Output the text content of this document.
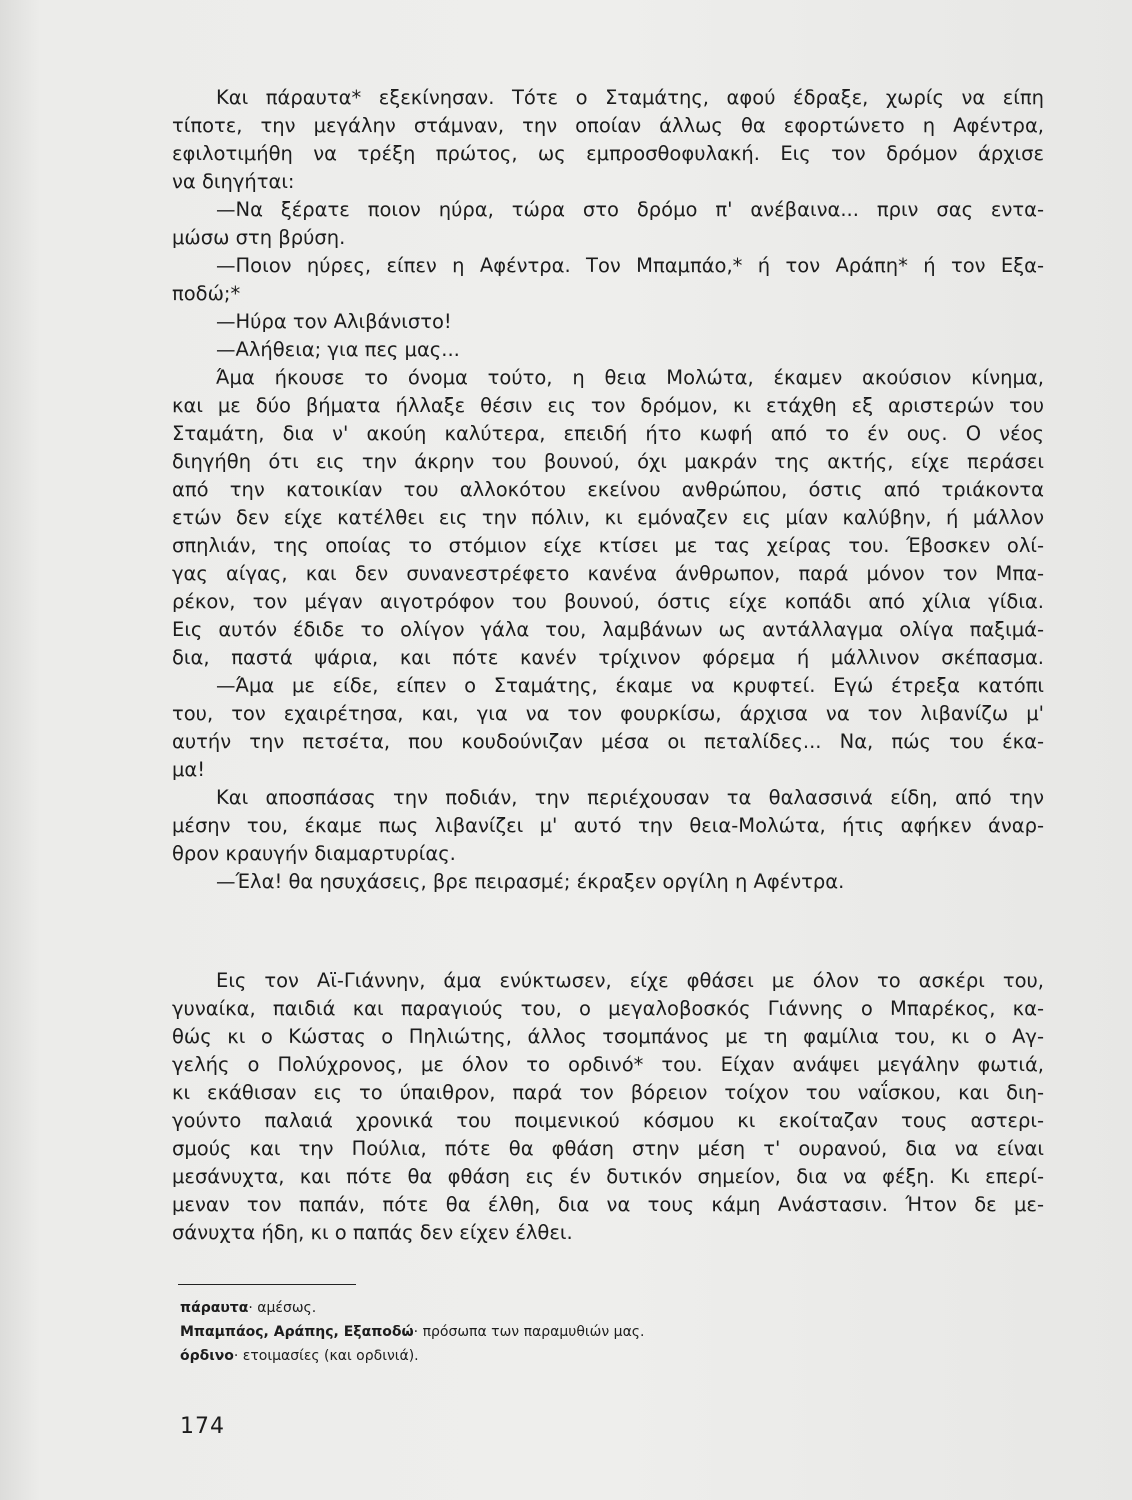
Και πάραυτα* εξεκίνησαν. Τότε ο Σταμάτης, αφού έδραξε, χωρίς να είπη
τίποτε, την μεγάλην στάμναν, την οποίαν άλλως θα εφορτώνετο η Αφέντρα,
εφιλοτιμήθη να τρέξη πρώτος, ως εμπροσθοφυλακή. Εις τον δρόμον άρχισε
να διηγήται:
—Να ξέρατε ποιον ηύρα, τώρα στο δρόμο π' ανέβαινα... πριν σας εντα-
μώσω στη βρύση.
—Ποιον ηύρες, είπεν η Αφέντρα. Τον Μπαμπάο,* ή τον Αράπη* ή τον Εξα-
ποδώ;*
—Ηύρα τον Αλιβάνιστο!
—Αλήθεια; για πες μας...
Άμα ήκουσε το όνομα τούτο, η θεια Μολώτα, έκαμεν ακούσιον κίνημα,
και με δύο βήματα ήλλαξε θέσιν εις τον δρόμον, κι ετάχθη εξ αριστερών του
Σταμάτη, δια ν' ακούη καλύτερα, επειδή ήτο κωφή από το έν ους. Ο νέος
διηγήθη ότι εις την άκρην του βουνού, όχι μακράν της ακτής, είχε περάσει
από την κατοικίαν του αλλοκότου εκείνου ανθρώπου, όστις από τριάκοντα
ετών δεν είχε κατέλθει εις την πόλιν, κι εμόναζεν εις μίαν καλύβην, ή μάλλον
σπηλιάν, της οποίας το στόμιον είχε κτίσει με τας χείρας του. Έβοσκεν ολί-
γας αίγας, και δεν συνανεστρέφετο κανένα άνθρωπον, παρά μόνον τον Μπα-
ρέκον, τον μέγαν αιγοτρόφον του βουνού, όστις είχε κοπάδι από χίλια γίδια.
Εις αυτόν έδιδε το ολίγον γάλα του, λαμβάνων ως αντάλλαγμα ολίγα παξιμά-
δια, παστά ψάρια, και πότε κανέν τρίχινον φόρεμα ή μάλλινον σκέπασμα.
—Άμα με είδε, είπεν ο Σταμάτης, έκαμε να κρυφτεί. Εγώ έτρεξα κατόπι
του, τον εχαιρέτησα, και, για να τον φουρκίσω, άρχισα να τον λιβανίζω μ'
αυτήν την πετσέτα, που κουδούνιζαν μέσα οι πεταλίδες... Να, πώς του έκα-
μα!
Και αποσπάσας την ποδιάν, την περιέχουσαν τα θαλασσινά είδη, από την
μέσην του, έκαμε πως λιβανίζει μ' αυτό την θεια-Μολώτα, ήτις αφήκεν άναρ-
θρον κραυγήν διαμαρτυρίας.
—Έλα! θα ησυχάσεις, βρε πειρασμέ; έκραξεν οργίλη η Αφέντρα.
Εις τον Αϊ-Γιάννην, άμα ενύκτωσεν, είχε φθάσει με όλον το ασκέρι του,
γυναίκα, παιδιά και παραγιούς του, ο μεγαλοβοσκός Γιάννης ο Μπαρέκος, κα-
θώς κι ο Κώστας ο Πηλιώτης, άλλος τσομπάνος με τη φαμίλια του, κι ο Αγ-
γελής ο Πολύχρονος, με όλον το ορδινό* του. Είχαν ανάψει μεγάλην φωτιά,
κι εκάθισαν εις το ύπαιθρον, παρά τον βόρειον τοίχον του ναΐσκου, και διη-
γούντο παλαιά χρονικά του ποιμενικού κόσμου κι εκοίταζαν τους αστερι-
σμούς και την Πούλια, πότε θα φθάση στην μέση τ' ουρανού, δια να είναι
μεσάνυχτα, και πότε θα φθάση εις έν δυτικόν σημείον, δια να φέξη. Κι επερί-
μεναν τον παπάν, πότε θα έλθη, δια να τους κάμη Ανάστασιν. Ήτον δε με-
σάνυχτα ήδη, κι ο παπάς δεν είχεν έλθει.
πάραυτα· αμέσως.
Μπαμπάος, Αράπης, Εξαποδώ· πρόσωπα των παραμυθιών μας.
όρδινο· ετοιμασίες (και ορδινιά).
174
